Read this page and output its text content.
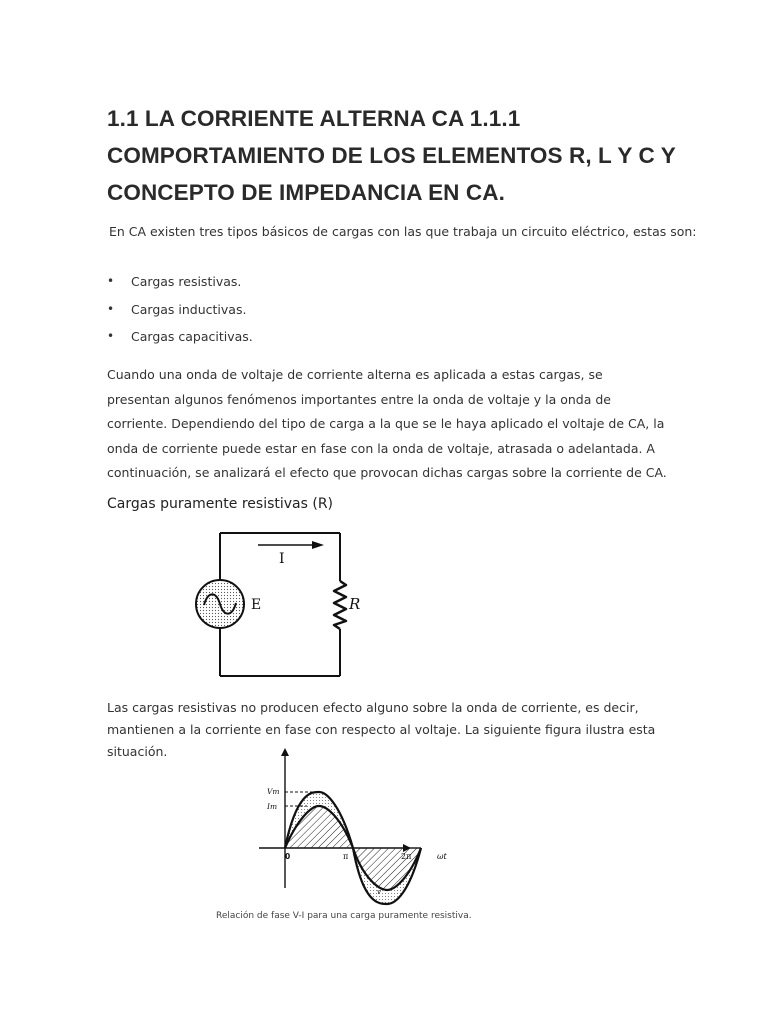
1.1 LA CORRIENTE ALTERNA CA 1.1.1 COMPORTAMIENTO DE LOS ELEMENTOS R, L Y C Y CONCEPTO DE IMPEDANCIA EN CA.

En CA existen tres tipos básicos de cargas con las que trabaja un circuito eléctrico, estas son:

• Cargas resistivas.
• Cargas inductivas.
• Cargas capacitivas.

Cuando una onda de voltaje de corriente alterna es aplicada a estas cargas, se presentan algunos fenómenos importantes entre la onda de voltaje y la onda de corriente. Dependiendo del tipo de carga a la que se le haya aplicado el voltaje de CA, la onda de corriente puede estar en fase con la onda de voltaje, atrasada o adelantada. A continuación, se analizará el efecto que provocan dichas cargas sobre la corriente de CA.

Cargas puramente resistivas (R)
I
E	R

Las cargas resistivas no producen efecto alguno sobre la onda de corriente, es decir, mantienen a la corriente en fase con respecto al voltaje. La siguiente figura ilustra esta situación.

Vm
Im
0	π	2π	ωt
v

Relación de fase V-I para una carga puramente resistiva.
